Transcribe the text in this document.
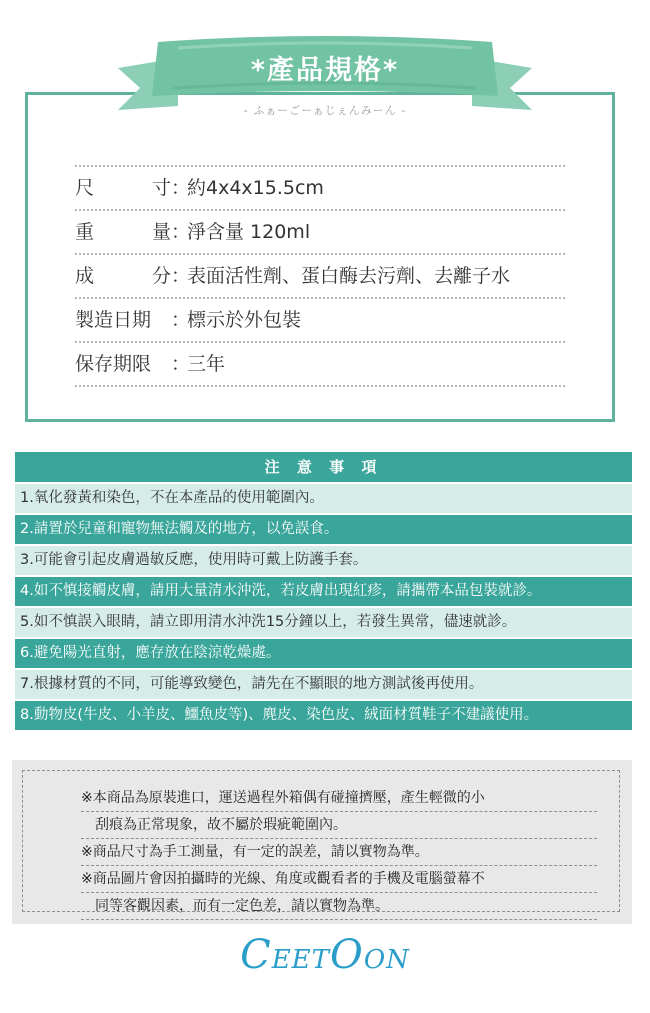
*產品規格*
- ふぁーごーぁじぇんみーん -
尺寸 ：
約4x4x15.5cm
重量 ：
淨含量 120ml
成分 ：
表面活性劑、蛋白酶去污劑、去離子水
製造日期	：
標示於外包裝
保存期限	：
三年
注 意 事 項
1.氧化發黃和染色，不在本產品的使用範圍內。
2.請置於兒童和寵物無法觸及的地方，以免誤食。
3.可能會引起皮膚過敏反應，使用時可戴上防護手套。
4.如不慎接觸皮膚，請用大量清水沖洗，若皮膚出現紅疹，請攜帶本品包裝就診。
5.如不慎誤入眼睛，請立即用清水沖洗15分鐘以上，若發生異常，儘速就診。
6.避免陽光直射，應存放在陰涼乾燥處。
7.根據材質的不同，可能導致變色，請先在不顯眼的地方測試後再使用。
8.動物皮(牛皮、小羊皮、鱷魚皮等)、麂皮、染色皮、絨面材質鞋子不建議使用。
※本商品為原裝進口，運送過程外箱偶有碰撞擠壓，產生輕微的小
刮痕為正常現象，故不屬於瑕疵範圍內。
※商品尺寸為手工測量，有一定的誤差，請以實物為準。
※商品圖片會因拍攝時的光線、角度或觀看者的手機及電腦螢幕不
同等客觀因素，而有一定色差，請以實物為準。
CEETOON
